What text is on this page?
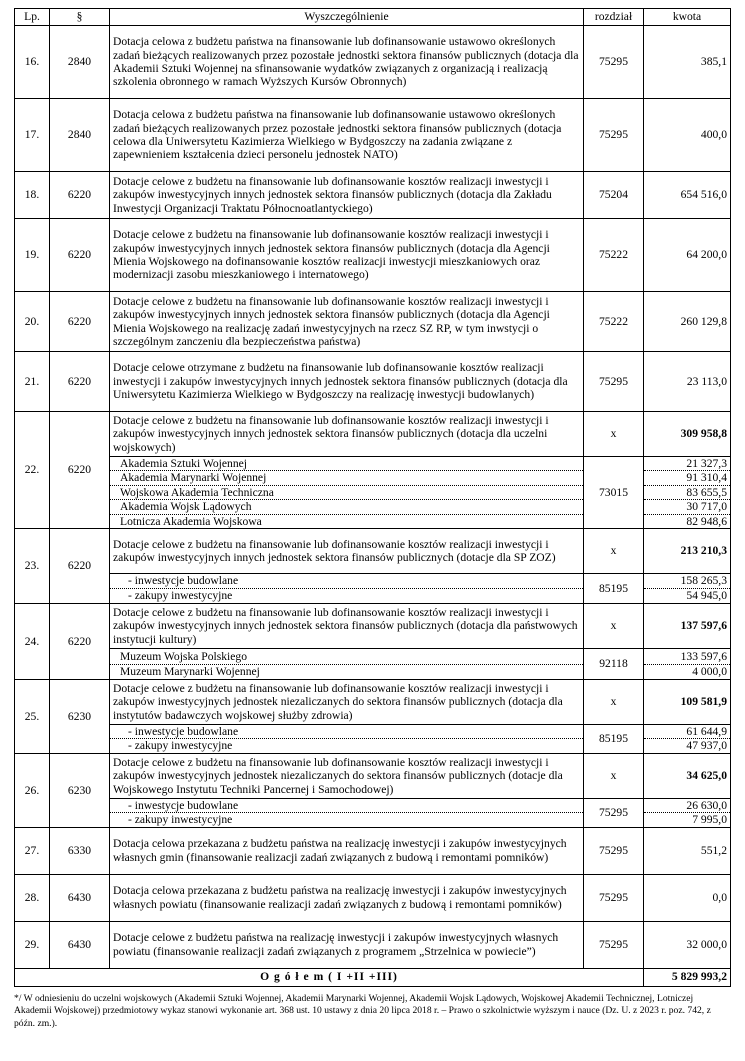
Lp.	§	Wyszczególnienie	rozdział	kwota
16.	2840	Dotacja celowa z budżetu państwa na finansowanie lub dofinansowanie ustawowo określonych zadań bieżących realizowanych przez pozostałe jednostki sektora finansów publicznych (dotacja dla Akademii Sztuki Wojennej na sfinansowanie wydatków związanych z organizacją i realizacją szkolenia obronnego w ramach Wyższych Kursów Obronnych)	75295	385,1
17.	2840	Dotacja celowa z budżetu państwa na finansowanie lub dofinansowanie ustawowo określonych zadań bieżących realizowanych przez pozostałe jednostki sektora finansów publicznych (dotacja celowa dla Uniwersytetu Kazimierza Wielkiego w Bydgoszczy na zadania związane z zapewnieniem kształcenia dzieci personelu jednostek NATO)	75295	400,0
18.	6220	Dotacje celowe z budżetu na finansowanie lub dofinansowanie kosztów realizacji inwestycji i zakupów inwestycyjnych innych jednostek sektora finansów publicznych (dotacja dla Zakładu Inwestycji Organizacji Traktatu Północnoatlantyckiego)	75204	654 516,0
19.	6220	Dotacje celowe z budżetu na finansowanie lub dofinansowanie kosztów realizacji inwestycji i zakupów inwestycyjnych innych jednostek sektora finansów publicznych (dotacja dla Agencji Mienia Wojskowego na dofinansowanie kosztów realizacji inwestycji mieszkaniowych oraz modernizacji zasobu mieszkaniowego i internatowego)	75222	64 200,0
20.	6220	Dotacje celowe z budżetu na finansowanie lub dofinansowanie kosztów realizacji inwestycji i zakupów inwestycyjnych innych jednostek sektora finansów publicznych (dotacja dla Agencji Mienia Wojskowego na realizację zadań inwestycyjnych na rzecz SZ RP, w tym inwstycji o szczególnym zanczeniu dla bezpieczeństwa państwa)	75222	260 129,8
21.	6220	Dotacje celowe otrzymane z budżetu na finansowanie lub dofinansowanie kosztów realizacji inwestycji i zakupów inwestycyjnych innych jednostek sektora finansów publicznych (dotacja dla Uniwersytetu Kazimierza Wielkiego w Bydgoszczy na realizację inwestycji budowlanych)	75295	23 113,0
22.	6220	Dotacje celowe z budżetu na finansowanie lub dofinansowanie kosztów realizacji inwestycji i zakupów inwestycyjnych innych jednostek sektora finansów publicznych (dotacja dla uczelni wojskowych)	x	309 958,8
		Akademia Sztuki Wojennej	73015	21 327,3
		Akademia Marynarki Wojennej		91 310,4
		Wojskowa Akademia Techniczna		83 655,5
		Akademia Wojsk Lądowych		30 717,0
		Lotnicza Akademia Wojskowa		82 948,6
23.	6220	Dotacje celowe z budżetu na finansowanie lub dofinansowanie kosztów realizacji inwestycji i zakupów inwestycyjnych innych jednostek sektora finansów publicznych (dotacje dla SP ZOZ)	x	213 210,3
		- inwestycje budowlane	85195	158 265,3
		- zakupy inwestycyjne		54 945,0
24.	6220	Dotacje celowe z budżetu na finansowanie lub dofinansowanie kosztów realizacji inwestycji i zakupów inwestycyjnych innych jednostek sektora finansów publicznych (dotacja dla państwowych instytucji kultury)	x	137 597,6
		Muzeum Wojska Polskiego	92118	133 597,6
		Muzeum Marynarki Wojennej		4 000,0
25.	6230	Dotacje celowe z budżetu na finansowanie lub dofinansowanie kosztów realizacji inwestycji i zakupów inwestycyjnych jednostek niezaliczanych do sektora finansów publicznych (dotacja dla instytutów badawczych wojskowej służby zdrowia)	x	109 581,9
		- inwestycje budowlane	85195	61 644,9
		- zakupy inwestycyjne		47 937,0
26.	6230	Dotacje celowe z budżetu na finansowanie lub dofinansowanie kosztów realizacji inwestycji i zakupów inwestycyjnych jednostek niezaliczanych do sektora finansów publicznych (dotacje dla Wojskowego Instytutu Techniki Pancernej i Samochodowej)	x	34 625,0
		- inwestycje budowlane	75295	26 630,0
		- zakupy inwestycyjne		7 995,0
27.	6330	Dotacja celowa przekazana z budżetu państwa na realizację inwestycji i zakupów inwestycyjnych własnych gmin (finansowanie realizacji zadań związanych z budową i remontami pomników)	75295	551,2
28.	6430	Dotacja celowa przekazana z budżetu państwa na realizację inwestycji i zakupów inwestycyjnych własnych powiatu (finansowanie realizacji zadań związanych z budową i remontami pomników)	75295	0,0
29.	6430	Dotacje celowe z budżetu państwa na realizację inwestycji i zakupów inwestycyjnych własnych powiatu (finansowanie realizacji zadań związanych z programem „Strzelnica w powiecie”)	75295	32 000,0
O g ó ł e m ( I +II +III)				5 829 993,2
*/ W odniesieniu do uczelni wojskowych (Akademii Sztuki Wojennej, Akademii Marynarki Wojennej, Akademii Wojsk Lądowych, Wojskowej Akademii Technicznej, Lotniczej Akademii Wojskowej) przedmiotowy wykaz stanowi wykonanie art. 368 ust. 10 ustawy z dnia 20 lipca 2018 r. – Prawo o szkolnictwie wyższym i nauce (Dz. U. z 2023 r. poz. 742, z późn. zm.).
